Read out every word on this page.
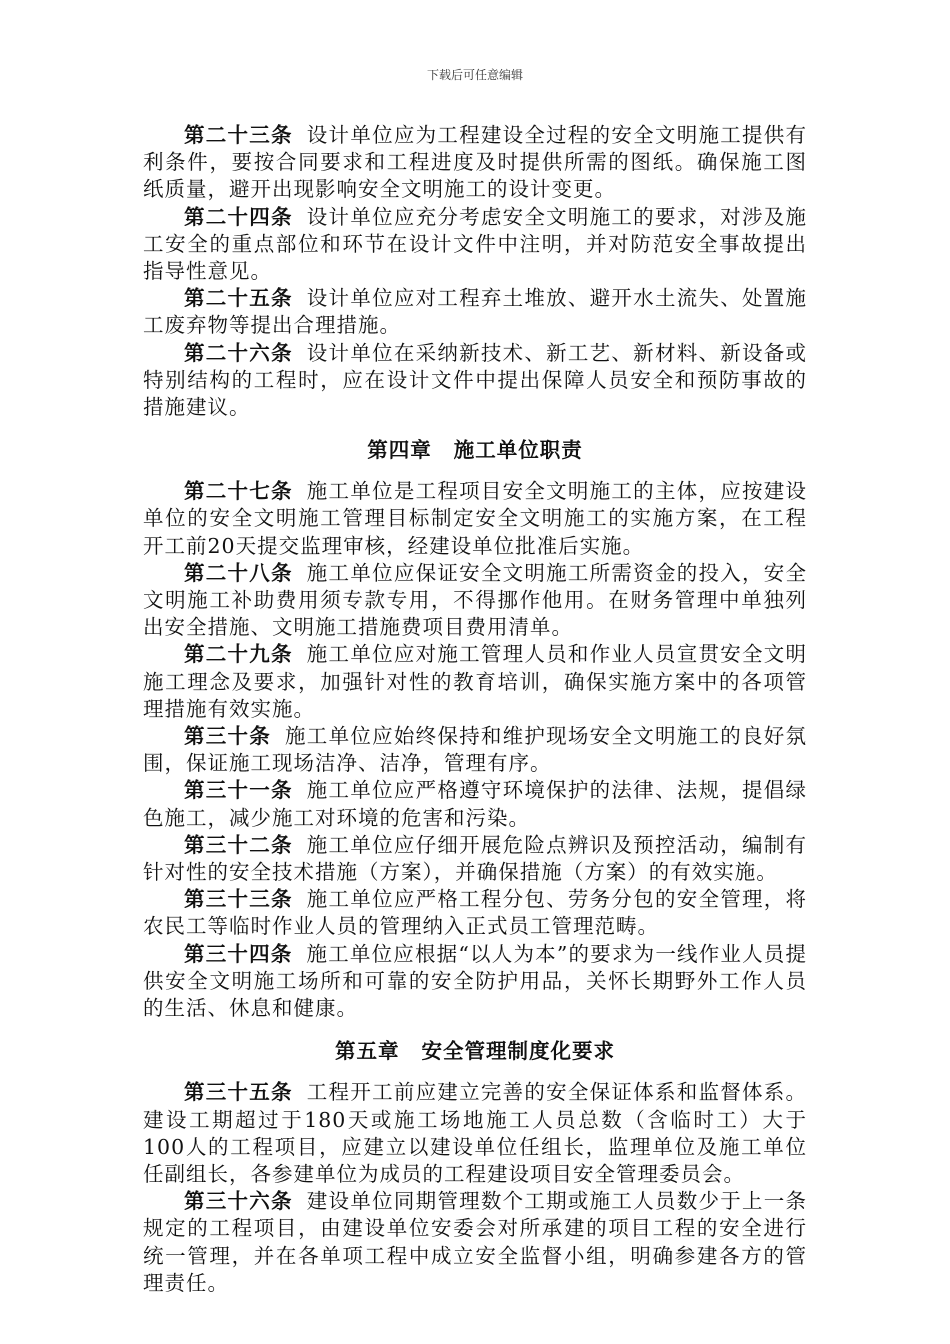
下载后可任意编辑

第二十三条 设计单位应为工程建设全过程的安全文明施工提供有利条件，要按合同要求和工程进度及时提供所需的图纸。确保施工图纸质量，避开出现影响安全文明施工的设计变更。

第二十四条 设计单位应充分考虑安全文明施工的要求，对涉及施工安全的重点部位和环节在设计文件中注明，并对防范安全事故提出指导性意见。

第二十五条 设计单位应对工程弃土堆放、避开水土流失、处置施工废弃物等提出合理措施。

第二十六条 设计单位在采纳新技术、新工艺、新材料、新设备或特别结构的工程时，应在设计文件中提出保障人员安全和预防事故的措施建议。

第四章 施工单位职责

第二十七条 施工单位是工程项目安全文明施工的主体，应按建设单位的安全文明施工管理目标制定安全文明施工的实施方案，在工程开工前20天提交监理审核，经建设单位批准后实施。

第二十八条 施工单位应保证安全文明施工所需资金的投入，安全文明施工补助费用须专款专用，不得挪作他用。在财务管理中单独列出安全措施、文明施工措施费项目费用清单。

第二十九条 施工单位应对施工管理人员和作业人员宣贯安全文明施工理念及要求，加强针对性的教育培训，确保实施方案中的各项管理措施有效实施。

第三十条 施工单位应始终保持和维护现场安全文明施工的良好氛围，保证施工现场洁净、洁净，管理有序。

第三十一条 施工单位应严格遵守环境保护的法律、法规，提倡绿色施工，减少施工对环境的危害和污染。

第三十二条 施工单位应仔细开展危险点辨识及预控活动，编制有针对性的安全技术措施（方案），并确保措施（方案）的有效实施。

第三十三条 施工单位应严格工程分包、劳务分包的安全管理，将农民工等临时作业人员的管理纳入正式员工管理范畴。

第三十四条 施工单位应根据“以人为本”的要求为一线作业人员提供安全文明施工场所和可靠的安全防护用品，关怀长期野外工作人员的生活、休息和健康。

第五章 安全管理制度化要求

第三十五条 工程开工前应建立完善的安全保证体系和监督体系。建设工期超过于180天或施工场地施工人员总数（含临时工）大于100人的工程项目，应建立以建设单位任组长，监理单位及施工单位任副组长，各参建单位为成员的工程建设项目安全管理委员会。

第三十六条 建设单位同期管理数个工期或施工人员数少于上一条规定的工程项目，由建设单位安委会对所承建的项目工程的安全进行统一管理，并在各单项工程中成立安全监督小组，明确参建各方的管理责任。
